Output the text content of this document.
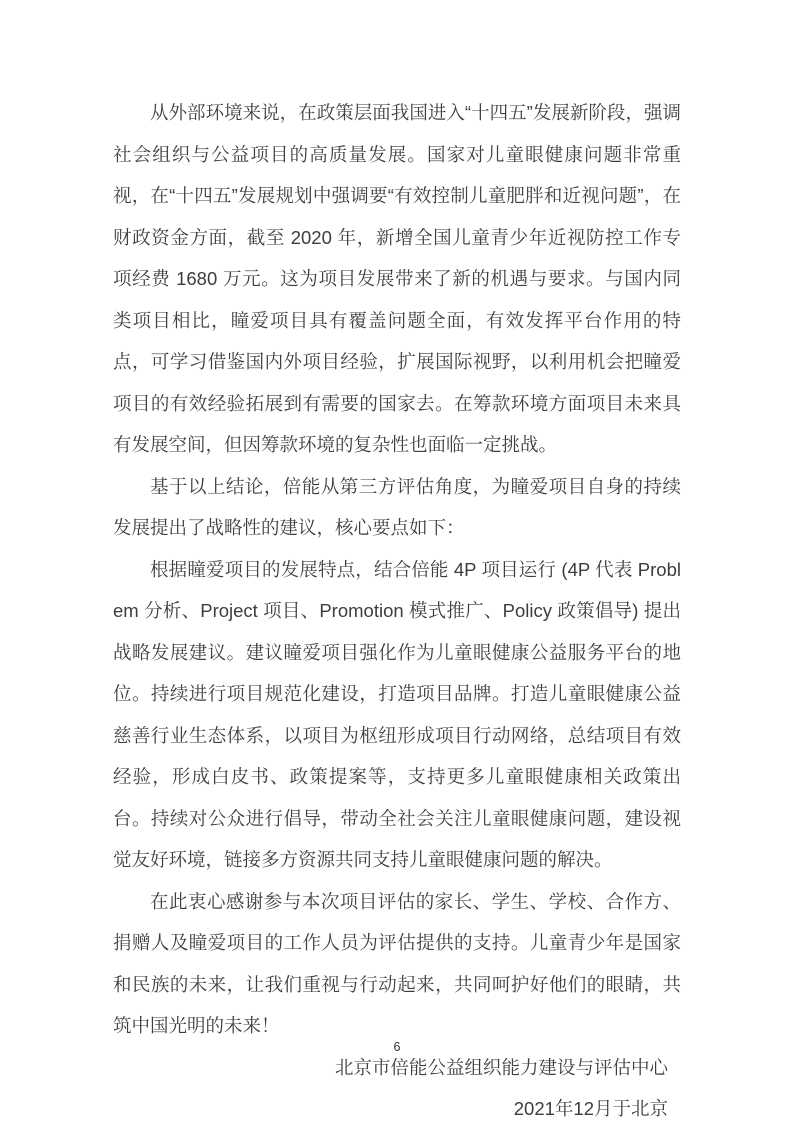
从外部环境来说，在政策层面我国进入“十四五”发展新阶段，强调社会组织与公益项目的高质量发展。国家对儿童眼健康问题非常重视，在“十四五”发展规划中强调要“有效控制儿童肥胖和近视问题”，在财政资金方面，截至 2020 年，新增全国儿童青少年近视防控工作专项经费 1680 万元。这为项目发展带来了新的机遇与要求。与国内同类项目相比，瞳爱项目具有覆盖问题全面，有效发挥平台作用的特点，可学习借鉴国内外项目经验，扩展国际视野，以利用机会把瞳爱项目的有效经验拓展到有需要的国家去。在筹款环境方面项目未来具有发展空间，但因筹款环境的复杂性也面临一定挑战。

基于以上结论，倍能从第三方评估角度，为瞳爱项目自身的持续发展提出了战略性的建议，核心要点如下：

根据瞳爱项目的发展特点，结合倍能 4P 项目运行 (4P 代表 Problem 分析、Project 项目、Promotion 模式推广、Policy 政策倡导) 提出战略发展建议。建议瞳爱项目强化作为儿童眼健康公益服务平台的地位。持续进行项目规范化建设，打造项目品牌。打造儿童眼健康公益慈善行业生态体系，以项目为枢纽形成项目行动网络，总结项目有效经验，形成白皮书、政策提案等，支持更多儿童眼健康相关政策出台。持续对公众进行倡导，带动全社会关注儿童眼健康问题，建设视觉友好环境，链接多方资源共同支持儿童眼健康问题的解决。

在此衷心感谢参与本次项目评估的家长、学生、学校、合作方、捐赠人及瞳爱项目的工作人员为评估提供的支持。儿童青少年是国家和民族的未来，让我们重视与行动起来，共同呵护好他们的眼睛，共筑中国光明的未来！

北京市倍能公益组织能力建设与评估中心
2021年12月于北京
6
